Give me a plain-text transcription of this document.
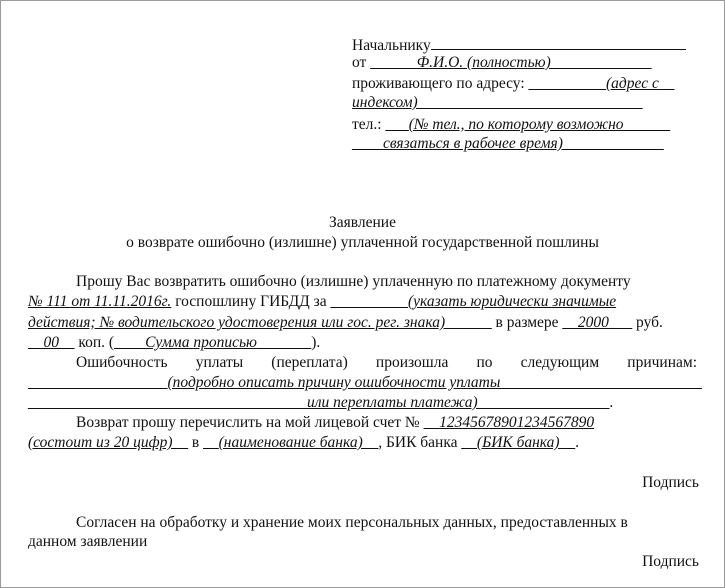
Начальнику
от ______Ф.И.О. (полностью)_____________
проживающего по адресу: __________(адрес с__
индексом)_____________________________
тел.: ___(№ тел., по которому возможно______
____связаться в рабочее время)_____________
Заявление
о возврате ошибочно (излишне) уплаченной государственной пошлины
Прошу Вас возвратить ошибочно (излишне) уплаченную по платежному документу
№ 111 от 11.11.2016г. госпошлину ГИБДД за __________(указать юридически значимые
действия; № водительского удостоверения или гос. рег. знака)______ в размере __2000___ руб.
__00__ коп. (____Сумма прописью_______).
Ошибочность уплаты (переплата) произошла по следующим причинам:
__________________(подробно описать причину ошибочности уплаты__________________________
____________________________________или переплаты платежа)_________________.
Возврат прошу перечислить на мой лицевой счет № __12345678901234567890
(состоит из 20 цифр)__ в __(наименование банка)__, БИК банка __(БИК банка)__.
Подпись
Согласен на обработку и хранение моих персональных данных, предоставленных в
данном заявлении
Подпись
